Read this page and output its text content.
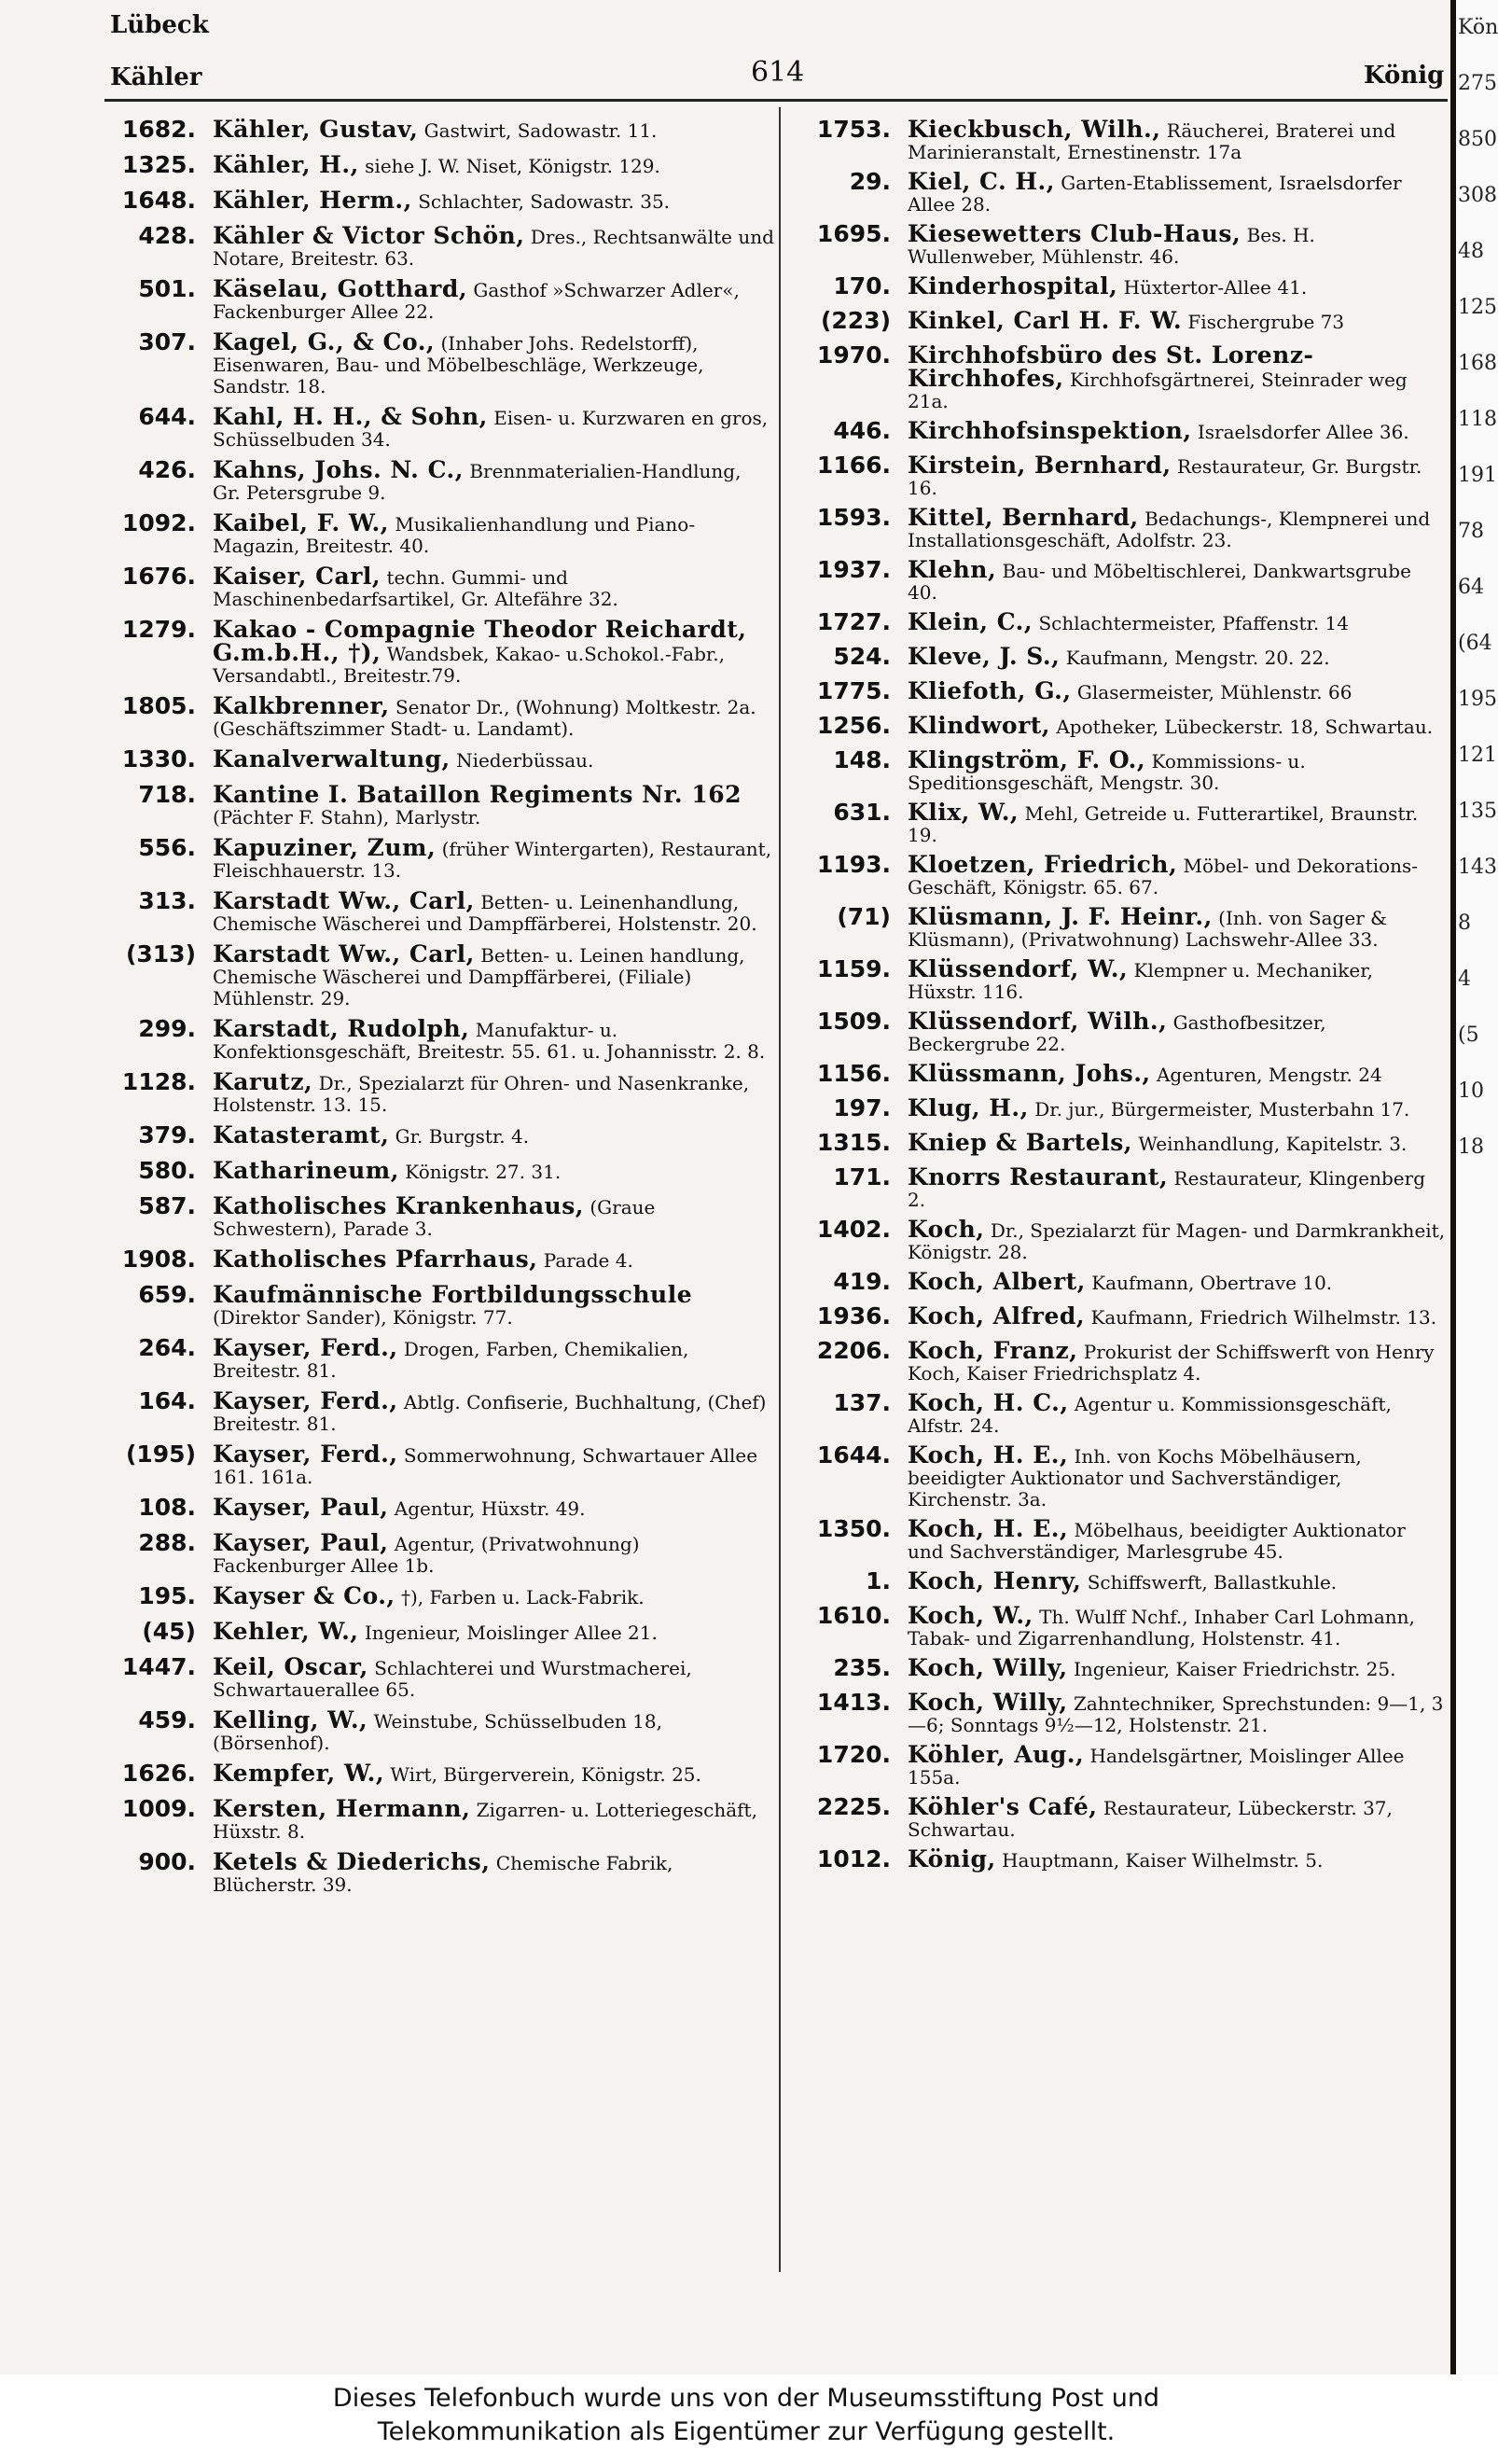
Lübeck
Kähler	614	König
1682. Kähler, Gustav, Gastwirt, Sadowastr. 11.
1325. Kähler, H., siehe J. W. Niset, Königstr. 129.
1648. Kähler, Herm., Schlachter, Sadowastr. 35.
428. Kähler & Victor Schön, Dres., Rechtsanwälte und Notare, Breitestr. 63.
501. Käselau, Gotthard, Gasthof »Schwarzer Adler«, Fackenburger Allee 22.
307. Kagel, G., & Co., (Inhaber Johs. Redelstorff), Eisenwaren, Bau- und Möbelbeschläge, Werkzeuge, Sandstr. 18.
644. Kahl, H. H., & Sohn, Eisen- u. Kurzwaren en gros, Schüsselbuden 34.
426. Kahns, Johs. N. C., Brennmaterialien-Handlung, Gr. Petersgrube 9.
1092. Kaibel, F. W., Musikalienhandlung und Piano-Magazin, Breitestr. 40.
1676. Kaiser, Carl, techn. Gummi- und Maschinenbedarfsartikel, Gr. Altefähre 32.
1279. Kakao - Compagnie Theodor Reichardt, G.m.b.H., †), Wandsbek, Kakao- u.Schokol.-Fabr., Versandabtl., Breitestr.79.
1805. Kalkbrenner, Senator Dr., (Wohnung) Moltkestr. 2a. (Geschäftszimmer Stadt- u. Landamt).
1330. Kanalverwaltung, Niederbüssau.
718. Kantine I. Bataillon Regiments Nr. 162 (Pächter F. Stahn), Marlystr.
556. Kapuziner, Zum, (früher Wintergarten), Restaurant, Fleischhauerstr. 13.
313. Karstadt Ww., Carl, Betten- u. Leinenhandlung, Chemische Wäscherei und Dampffärberei, Holstenstr. 20.
(313) Karstadt Ww., Carl, Betten- u. Leinen handlung, Chemische Wäscherei und Dampffärberei, (Filiale) Mühlenstr. 29.
299. Karstadt, Rudolph, Manufaktur- u. Konfektionsgeschäft, Breitestr. 55. 61. u. Johannisstr. 2. 8.
1128. Karutz, Dr., Spezialarzt für Ohren- und Nasenkranke, Holstenstr. 13. 15.
379. Katasteramt, Gr. Burgstr. 4.
580. Katharineum, Königstr. 27. 31.
587. Katholisches Krankenhaus, (Graue Schwestern), Parade 3.
1908. Katholisches Pfarrhaus, Parade 4.
659. Kaufmännische Fortbildungsschule (Direktor Sander), Königstr. 77.
264. Kayser, Ferd., Drogen, Farben, Chemikalien, Breitestr. 81.
164. Kayser, Ferd., Abtlg. Confiserie, Buchhaltung, (Chef) Breitestr. 81.
(195) Kayser, Ferd., Sommerwohnung, Schwartauer Allee 161. 161a.
108. Kayser, Paul, Agentur, Hüxstr. 49.
288. Kayser, Paul, Agentur, (Privatwohnung) Fackenburger Allee 1b.
195. Kayser & Co., †), Farben u. Lack-Fabrik.
(45) Kehler, W., Ingenieur, Moislinger Allee 21.
1447. Keil, Oscar, Schlachterei und Wurstmacherei, Schwartauerallee 65.
459. Kelling, W., Weinstube, Schüsselbuden 18, (Börsenhof).
1626. Kempfer, W., Wirt, Bürgerverein, Königstr. 25.
1009. Kersten, Hermann, Zigarren- u. Lotteriegeschäft, Hüxstr. 8.
900. Ketels & Diederichs, Chemische Fabrik, Blücherstr. 39.
1753. Kieckbusch, Wilh., Räucherei, Braterei und Marinieranstalt, Ernestinenstr. 17a
29. Kiel, C. H., Garten-Etablissement, Israelsdorfer Allee 28.
1695. Kiesewetters Club-Haus, Bes. H. Wullenweber, Mühlenstr. 46.
170. Kinderhospital, Hüxtertor-Allee 41.
(223) Kinkel, Carl H. F. W. Fischergrube 73
1970. Kirchhofsbüro des St. Lorenz-Kirchhofes, Kirchhofsgärtnerei, Steinrader weg 21a.
446. Kirchhofsinspektion, Israelsdorfer Allee 36.
1166. Kirstein, Bernhard, Restaurateur, Gr. Burgstr. 16.
1593. Kittel, Bernhard, Bedachungs-, Klempnerei und Installationsgeschäft, Adolfstr. 23.
1937. Klehn, Bau- und Möbeltischlerei, Dankwartsgrube 40.
1727. Klein, C., Schlachtermeister, Pfaffenstr. 14
524. Kleve, J. S., Kaufmann, Mengstr. 20. 22.
1775. Kliefoth, G., Glasermeister, Mühlenstr. 66
1256. Klindwort, Apotheker, Lübeckerstr. 18, Schwartau.
148. Klingström, F. O., Kommissions- u. Speditionsgeschäft, Mengstr. 30.
631. Klix, W., Mehl, Getreide u. Futterartikel, Braunstr. 19.
1193. Kloetzen, Friedrich, Möbel- und Dekorations-Geschäft, Königstr. 65. 67.
(71) Klüsmann, J. F. Heinr., (Inh. von Sager & Klüsmann), (Privatwohnung) Lachswehr-Allee 33.
1159. Klüssendorf, W., Klempner u. Mechaniker, Hüxstr. 116.
1509. Klüssendorf, Wilh., Gasthofbesitzer, Beckergrube 22.
1156. Klüssmann, Johs., Agenturen, Mengstr. 24
197. Klug, H., Dr. jur., Bürgermeister, Musterbahn 17.
1315. Kniep & Bartels, Weinhandlung, Kapitelstr. 3.
171. Knorrs Restaurant, Restaurateur, Klingenberg 2.
1402. Koch, Dr., Spezialarzt für Magen- und Darmkrankheit, Königstr. 28.
419. Koch, Albert, Kaufmann, Obertrave 10.
1936. Koch, Alfred, Kaufmann, Friedrich Wilhelmstr. 13.
2206. Koch, Franz, Prokurist der Schiffswerft von Henry Koch, Kaiser Friedrichsplatz 4.
137. Koch, H. C., Agentur u. Kommissionsgeschäft, Alfstr. 24.
1644. Koch, H. E., Inh. von Kochs Möbelhäusern, beeidigter Auktionator und Sachverständiger, Kirchenstr. 3a.
1350. Koch, H. E., Möbelhaus, beeidigter Auktionator und Sachverständiger, Marlesgrube 45.
1. Koch, Henry, Schiffswerft, Ballastkuhle.
1610. Koch, W., Th. Wulff Nchf., Inhaber Carl Lohmann, Tabak- und Zigarrenhandlung, Holstenstr. 41.
235. Koch, Willy, Ingenieur, Kaiser Friedrichstr. 25.
1413. Koch, Willy, Zahntechniker, Sprechstunden: 9—1, 3—6; Sonntags 9½—12, Holstenstr. 21.
1720. Köhler, Aug., Handelsgärtner, Moislinger Allee 155a.
2225. Köhler's Café, Restaurateur, Lübeckerstr. 37, Schwartau.
1012. König, Hauptmann, Kaiser Wilhelmstr. 5.
Kön
275
850
308
48
125
168
118
191
78
64
(64
195
121
135
143
8
4
(5
10
18
Dieses Telefonbuch wurde uns von der Museumsstiftung Post und
Telekommunikation als Eigentümer zur Verfügung gestellt.
